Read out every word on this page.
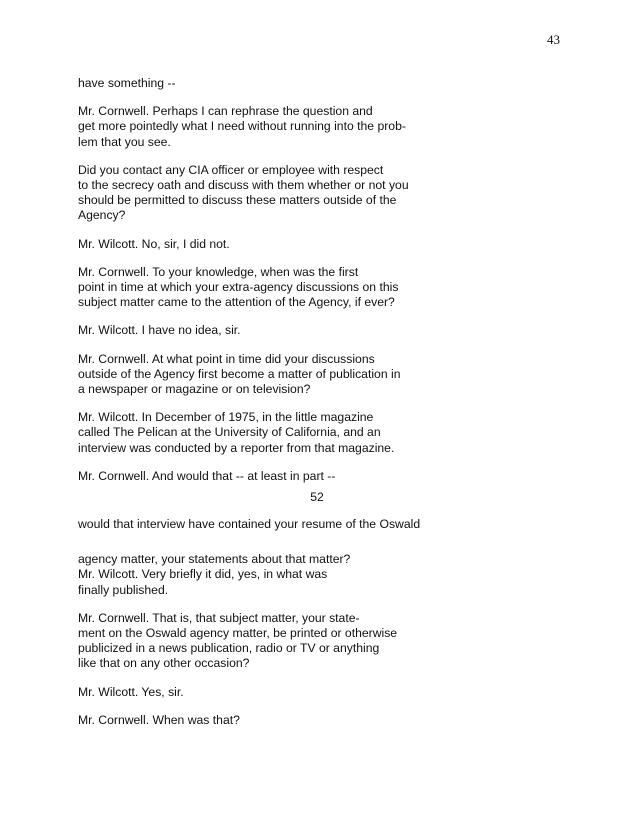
43

have something --

Mr. Cornwell. Perhaps I can rephrase the question and
get more pointedly what I need without running into the prob-
lem that you see.

Did you contact any CIA officer or employee with respect
to the secrecy oath and discuss with them whether or not you
should be permitted to discuss these matters outside of the
Agency?

Mr. Wilcott. No, sir, I did not.

Mr. Cornwell. To your knowledge, when was the first
point in time at which your extra-agency discussions on this
subject matter came to the attention of the Agency, if ever?

Mr. Wilcott. I have no idea, sir.

Mr. Cornwell. At what point in time did your discussions
outside of the Agency first become a matter of publication in
a newspaper or magazine or on television?

Mr. Wilcott. In December of 1975, in the little magazine
called The Pelican at the University of California, and an
interview was conducted by a reporter from that magazine.

Mr. Cornwell. And would that -- at least in part --

52

would that interview have contained your resume of the Oswald

agency matter, your statements about that matter?
Mr. Wilcott. Very briefly it did, yes, in what was
finally published.

Mr. Cornwell. That is, that subject matter, your state-
ment on the Oswald agency matter, be printed or otherwise
publicized in a news publication, radio or TV or anything
like that on any other occasion?

Mr. Wilcott. Yes, sir.

Mr. Cornwell. When was that?
